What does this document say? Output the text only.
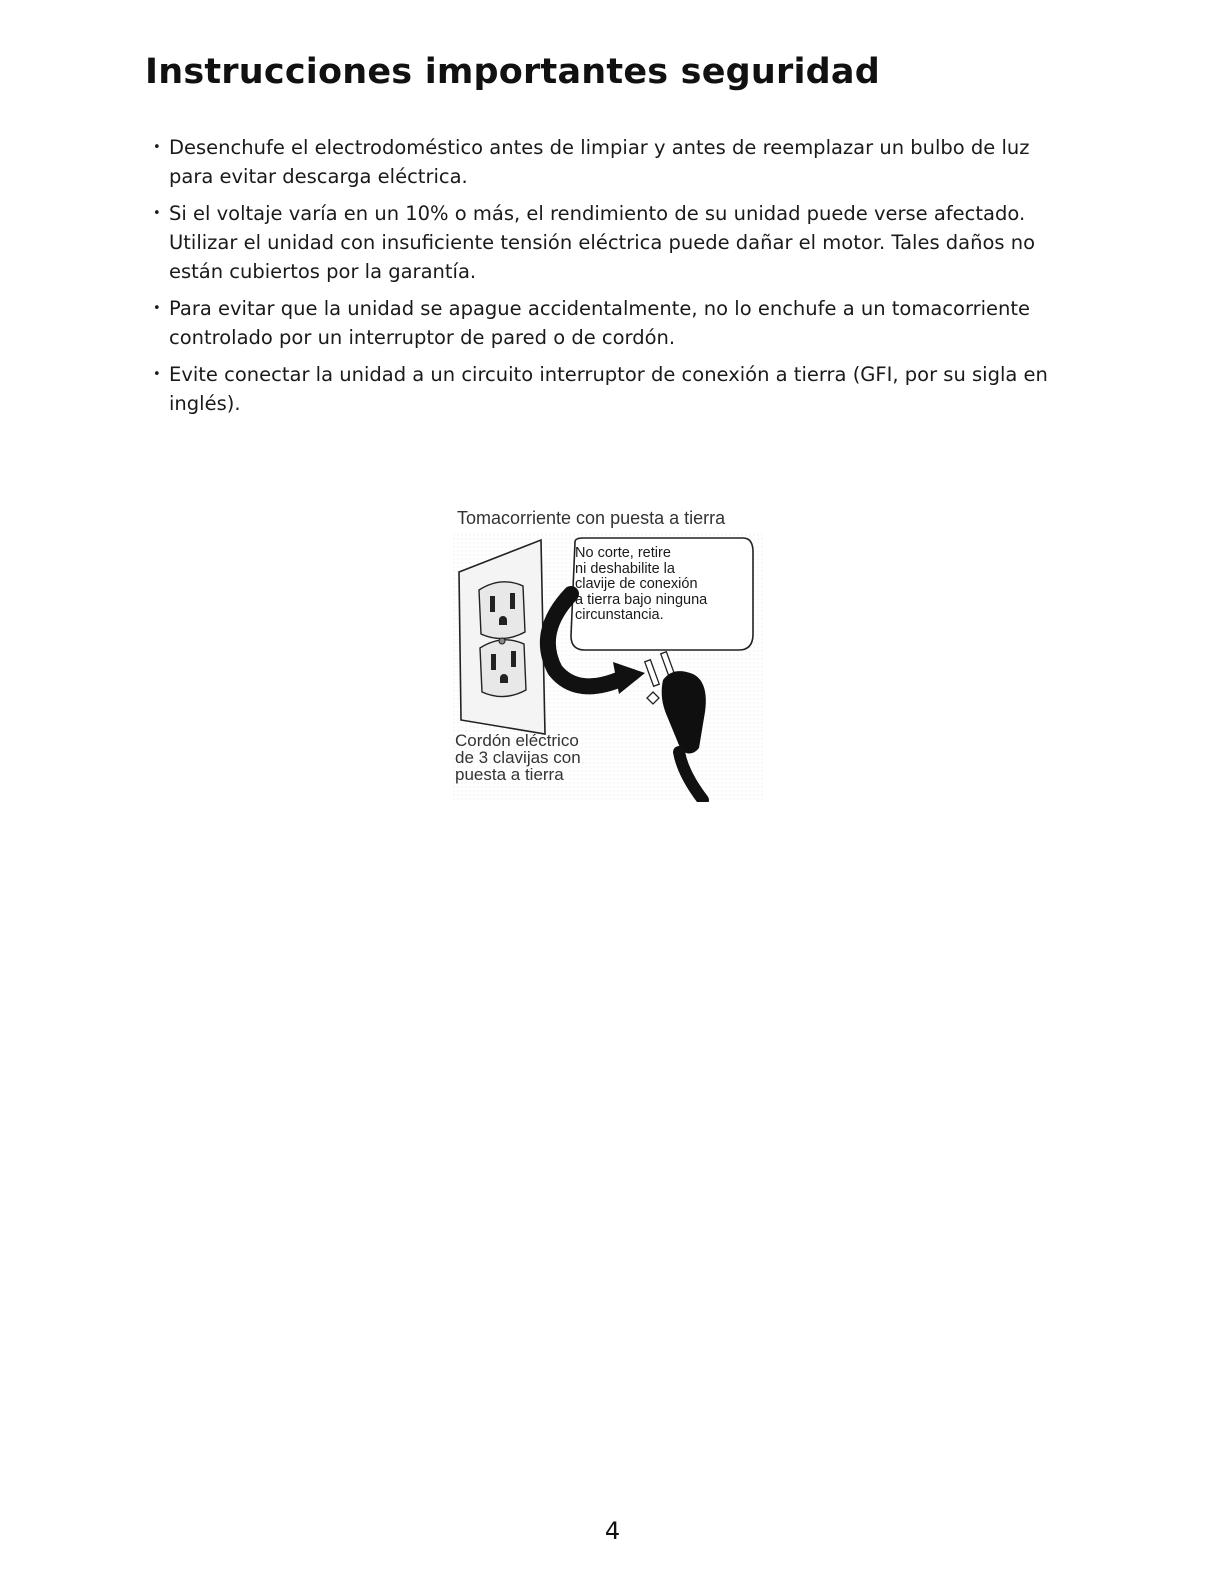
Instrucciones importantes seguridad
• Desenchufe el electrodoméstico antes de limpiar y antes de reemplazar un bulbo de luz para evitar descarga eléctrica.
• Si el voltaje varía en un 10% o más, el rendimiento de su unidad puede verse afectado. Utilizar el unidad con insuficiente tensión eléctrica puede dañar el motor. Tales daños no están cubiertos por la garantía.
• Para evitar que la unidad se apague accidentalmente, no lo enchufe a un tomacorriente controlado por un interruptor de pared o de cordón.
• Evite conectar la unidad a un circuito interruptor de conexión a tierra (GFI, por su sigla en inglés).
Tomacorriente con puesta a tierra
No corte, retire
ni deshabilite la
clavije de conexión
a tierra bajo ninguna
circunstancia.
Cordón eléctrico
de 3 clavijas con
puesta a tierra
4
